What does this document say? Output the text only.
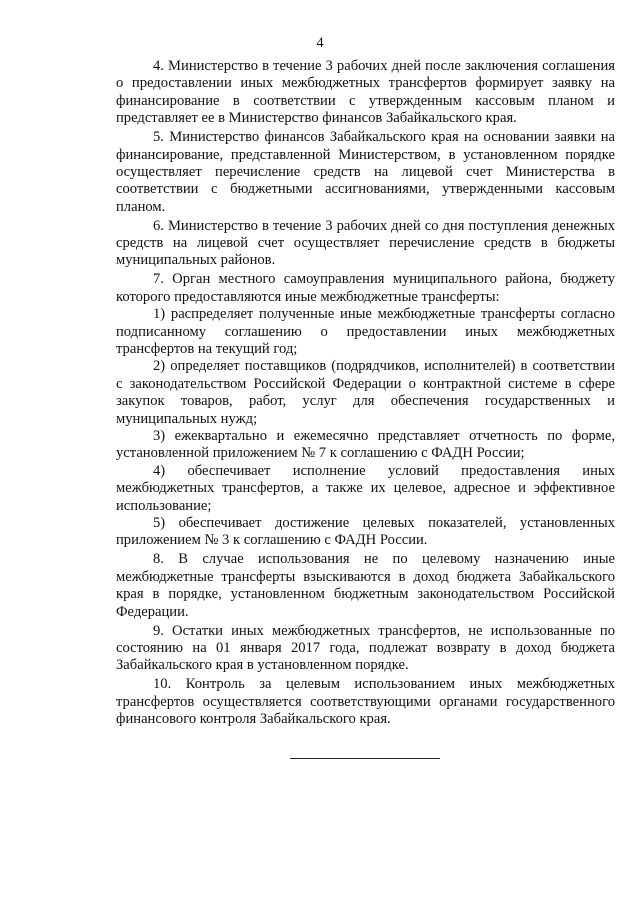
4

4. Министерство в течение 3 рабочих дней после заключения соглашения о предоставлении иных межбюджетных трансфертов формирует заявку на финансирование в соответствии с утвержденным кассовым планом и представляет ее в Министерство финансов Забайкальского края.

5. Министерство финансов Забайкальского края на основании заявки на финансирование, представленной Министерством, в установленном порядке осуществляет перечисление средств на лицевой счет Министерства в соответствии с бюджетными ассигнованиями, утвержденными кассовым планом.

6. Министерство в течение 3 рабочих дней со дня поступления денежных средств на лицевой счет осуществляет перечисление средств в бюджеты муниципальных районов.

7. Орган местного самоуправления муниципального района, бюджету которого предоставляются иные межбюджетные трансферты:

1) распределяет полученные иные межбюджетные трансферты согласно подписанному соглашению о предоставлении иных межбюджетных трансфертов на текущий год;

2) определяет поставщиков (подрядчиков, исполнителей) в соответствии с законодательством Российской Федерации о контрактной системе в сфере закупок товаров, работ, услуг для обеспечения государственных и муниципальных нужд;

3) ежеквартально и ежемесячно представляет отчетность по форме, установленной приложением № 7 к соглашению с ФАДН России;

4) обеспечивает исполнение условий предоставления иных межбюджетных трансфертов, а также их целевое, адресное и эффективное использование;

5) обеспечивает достижение целевых показателей, установленных приложением № 3 к соглашению с ФАДН России.

8. В случае использования не по целевому назначению иные межбюджетные трансферты взыскиваются в доход бюджета Забайкальского края в порядке, установленном бюджетным законодательством Российской Федерации.

9. Остатки иных межбюджетных трансфертов, не использованные по состоянию на 01 января 2017 года, подлежат возврату в доход бюджета Забайкальского края в установленном порядке.

10. Контроль за целевым использованием иных межбюджетных трансфертов осуществляется соответствующими органами государственного финансового контроля Забайкальского края.
